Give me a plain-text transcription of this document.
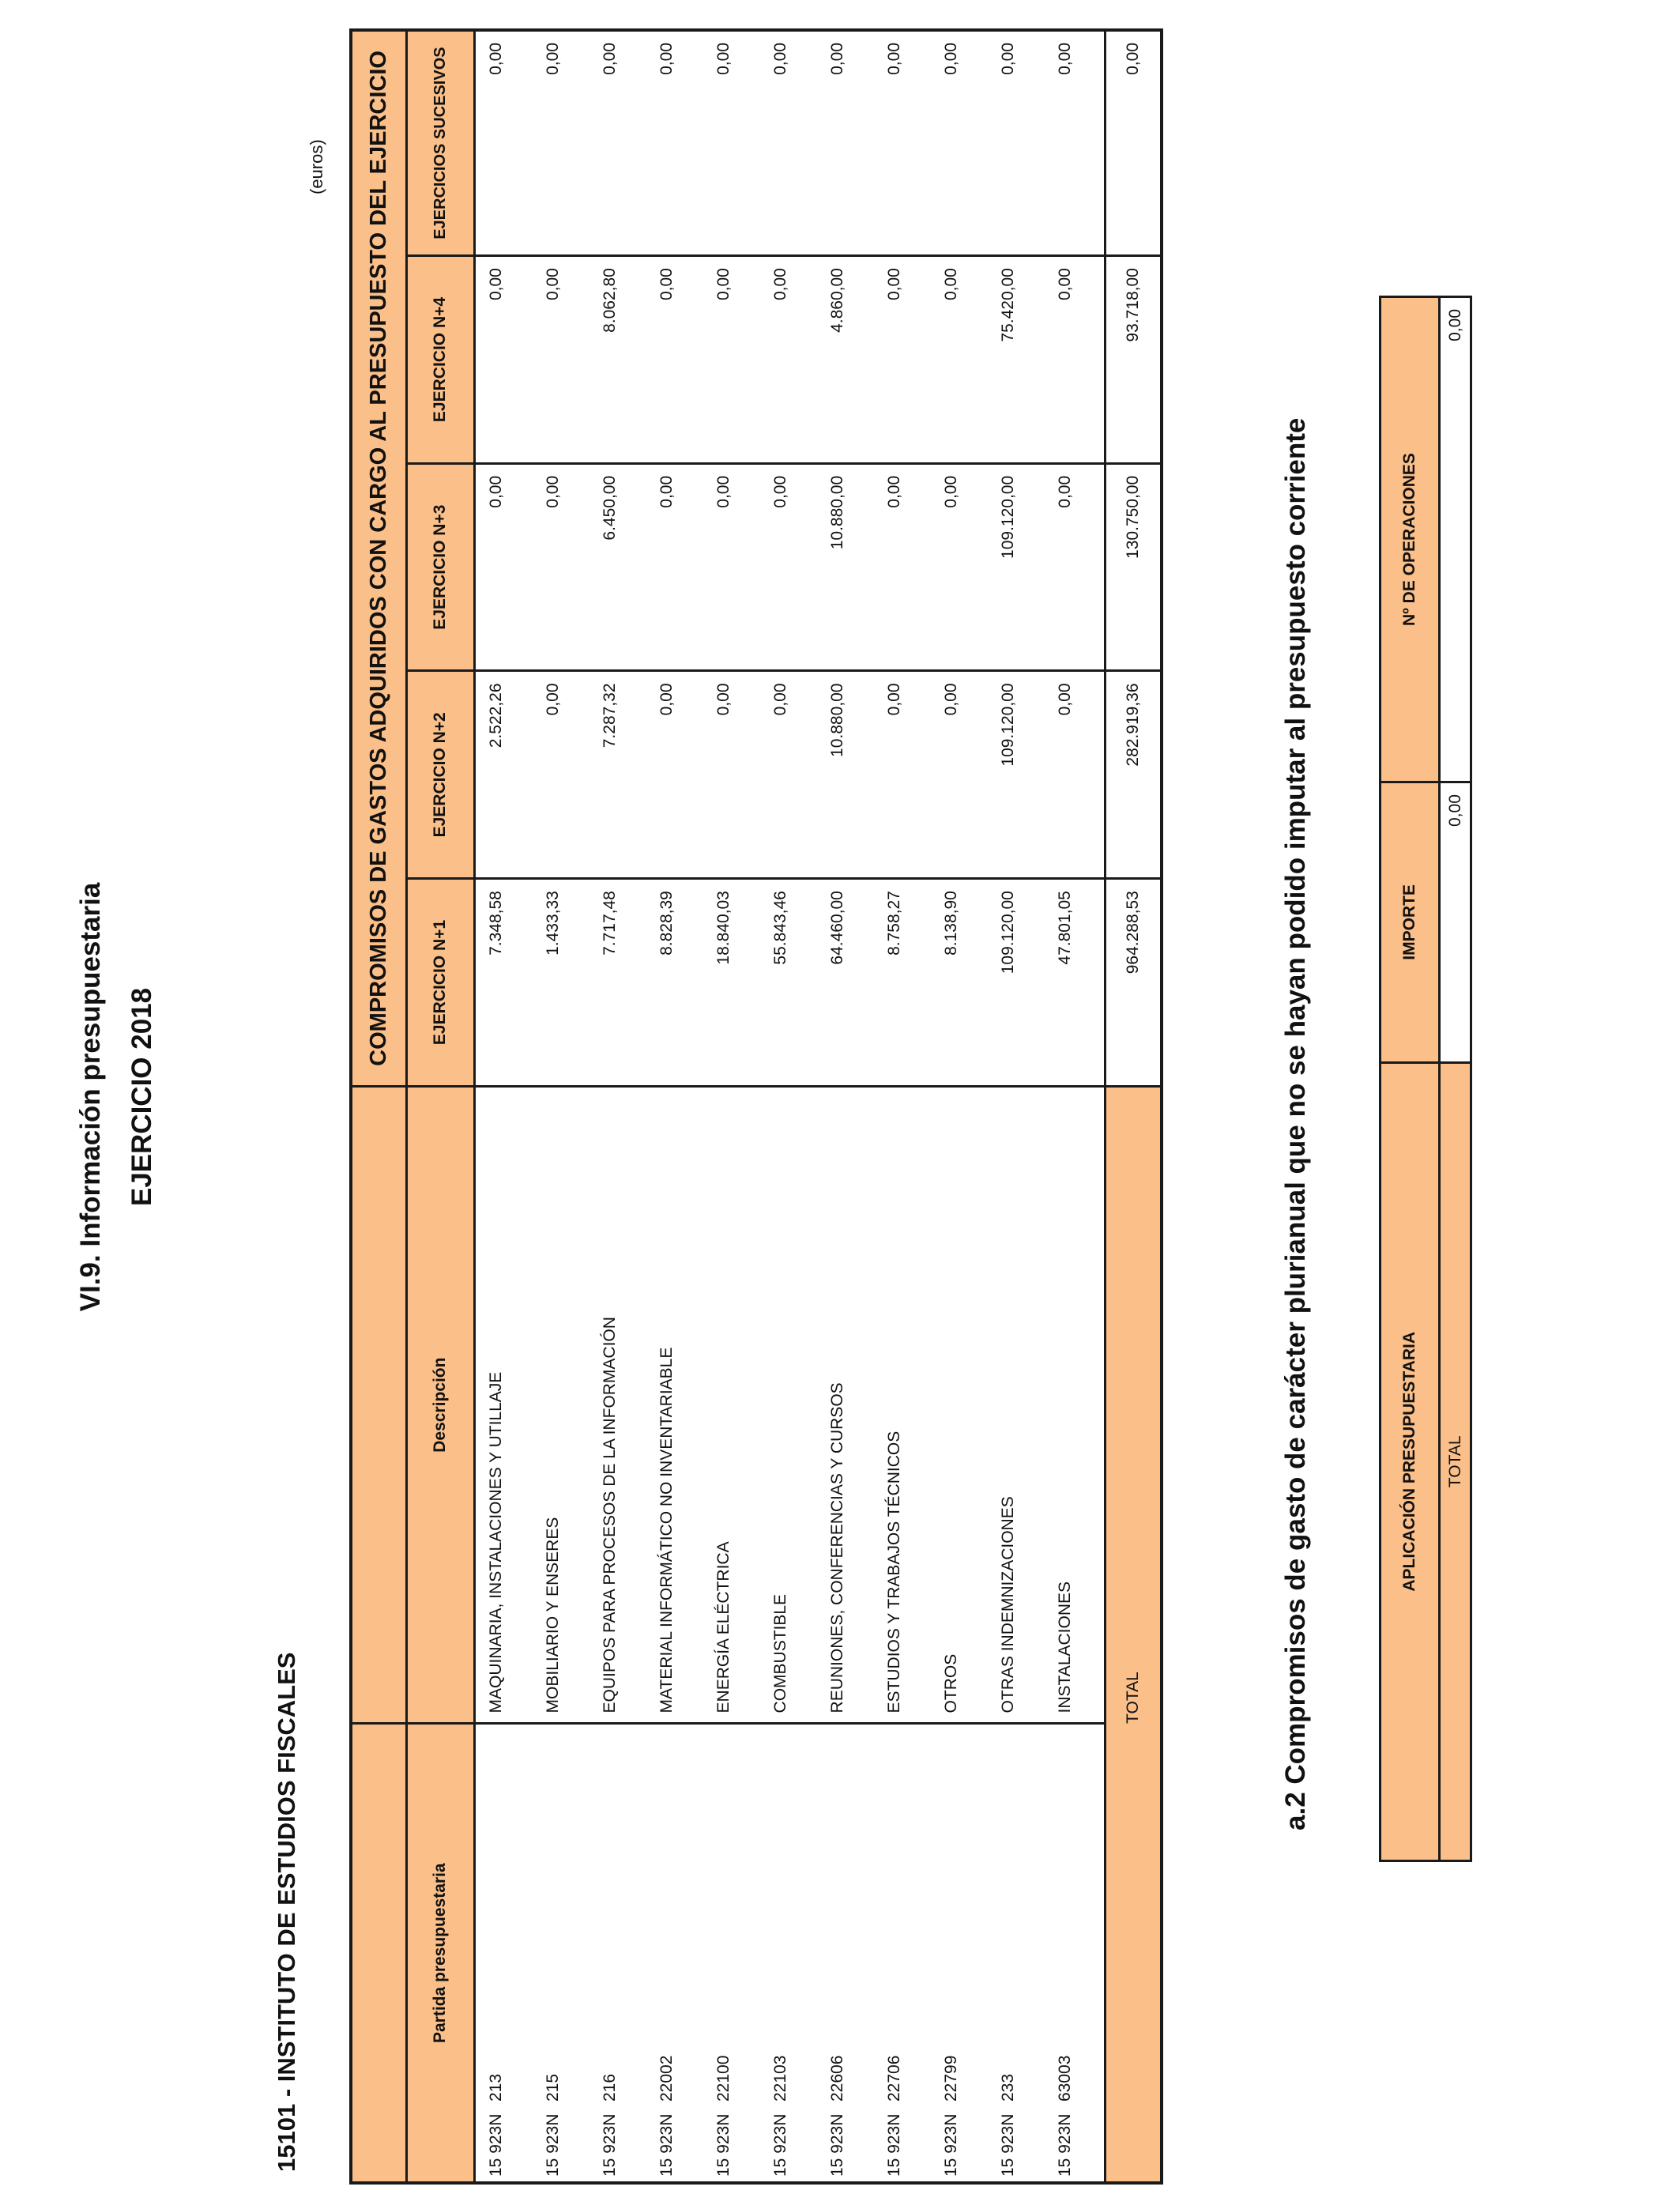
VI.9. Información presupuestaria EJERCICIO 2018
15101 - INSTITUTO DE ESTUDIOS FISCALES
(euros)
		COMPROMISOS DE GASTOS ADQUIRIDOS CON CARGO AL PRESUPUESTO DEL EJERCICIO				
Partida presupuestaria	Descripción	EJERCICIO N+1	EJERCICIO N+2	EJERCICIO N+3	EJERCICIO N+4	EJERCICIOS SUCESIVOS
15 923N213	MAQUINARIA, INSTALACIONES Y UTILLAJE	7.348,58	2.522,26	0,00	0,00	0,00
15 923N215	MOBILIARIO Y ENSERES	1.433,33	0,00	0,00	0,00	0,00
15 923N216	EQUIPOS PARA PROCESOS DE LA INFORMACIÓN	7.717,48	7.287,32	6.450,00	8.062,80	0,00
15 923N22002	MATERIAL INFORMÁTICO NO INVENTARIABLE	8.828,39	0,00	0,00	0,00	0,00
15 923N22100	ENERGÍA ELÉCTRICA	18.840,03	0,00	0,00	0,00	0,00
15 923N22103	COMBUSTIBLE	55.843,46	0,00	0,00	0,00	0,00
15 923N22606	REUNIONES, CONFERENCIAS Y CURSOS	64.460,00	10.880,00	10.880,00	4.860,00	0,00
15 923N22706	ESTUDIOS Y TRABAJOS TÉCNICOS	8.758,27	0,00	0,00	0,00	0,00
15 923N22799	OTROS	8.138,90	0,00	0,00	0,00	0,00
15 923N233	OTRAS INDEMNIZACIONES	109.120,00	109.120,00	109.120,00	75.420,00	0,00
15 923N63003	INSTALACIONES	47.801,05	0,00	0,00	0,00	0,00
	TOTAL	964.288,53	282.919,36	130.750,00	93.718,00	0,00
a.2 Compromisos de gasto de carácter plurianual que no se hayan podido imputar al presupuesto corriente	APLICACIÓN PRESUPUESTARIA	IMPORTE	Nº DE OPERACIONES
TOTAL	0,00	0,00
